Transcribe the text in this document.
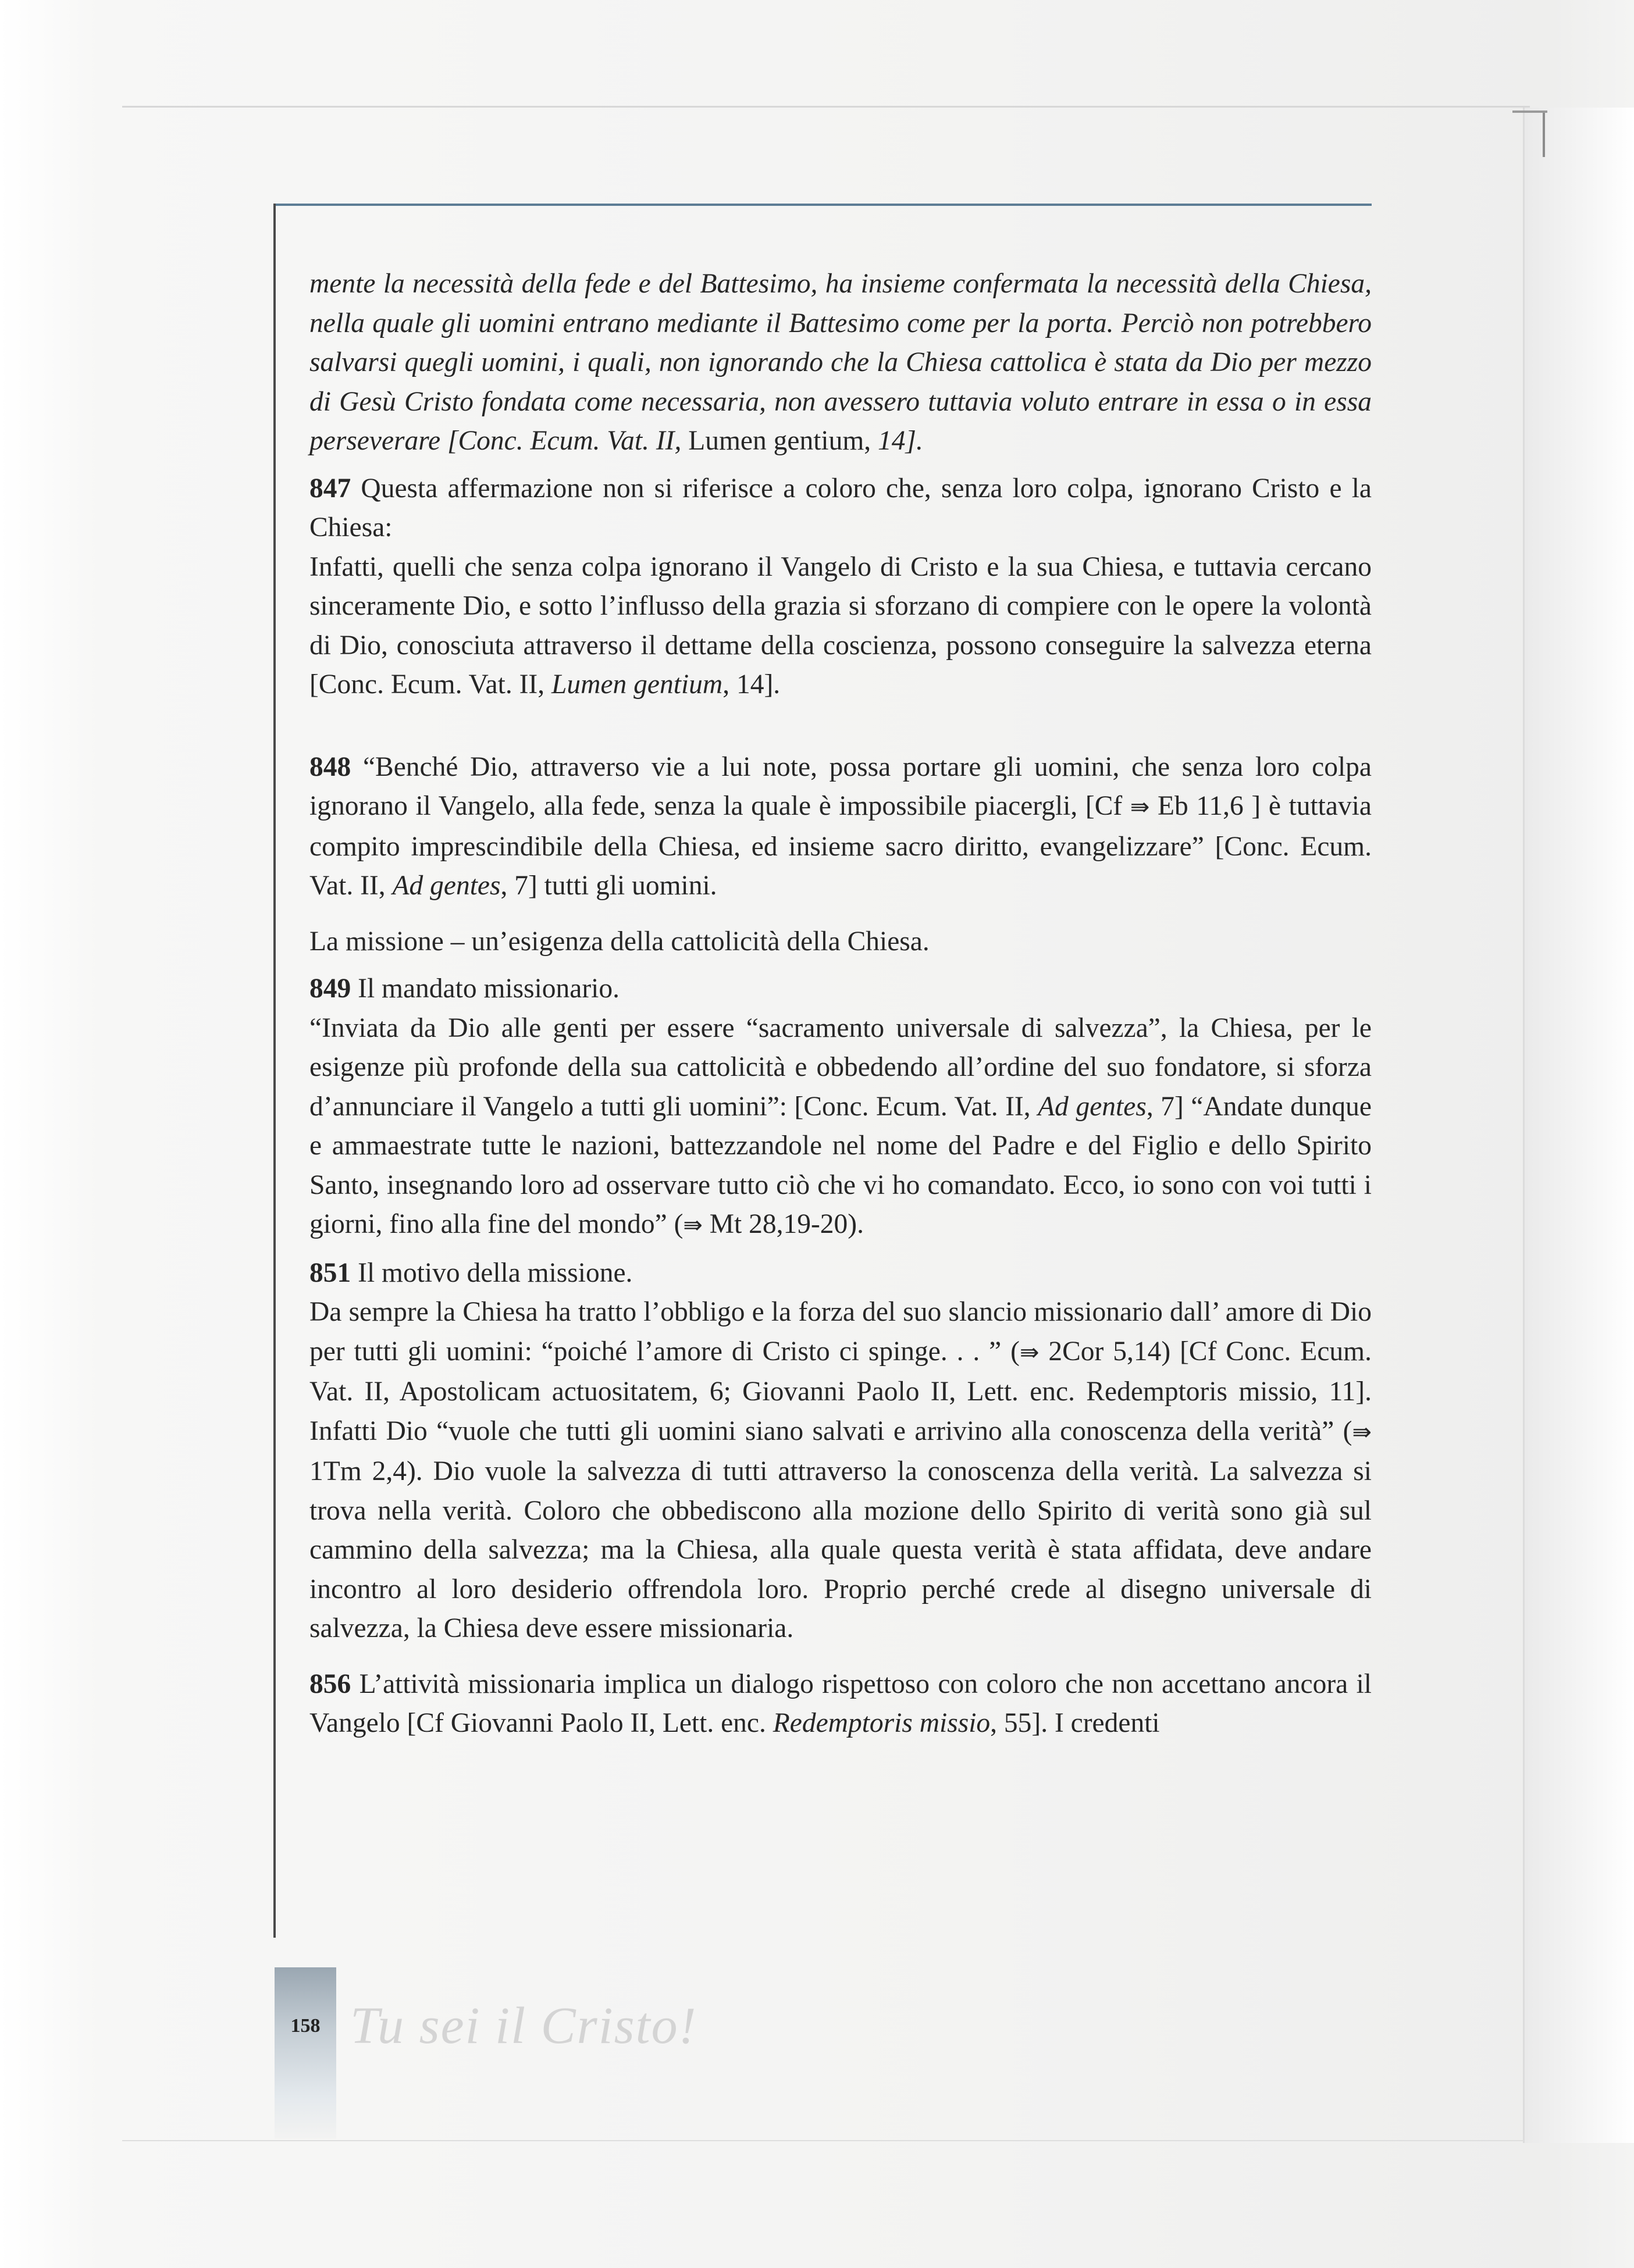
mente la necessità della fede e del Battesimo, ha insieme confermata la necessità della Chiesa, nella quale gli uomini entrano mediante il Battesimo come per la porta. Perciò non potrebbero salvarsi quegli uomini, i quali, non ignorando che la Chiesa cattolica è stata da Dio per mezzo di Gesù Cristo fondata come necessaria, non avessero tuttavia voluto entrare in essa o in essa perseverare [Conc. Ecum. Vat. II, Lumen gentium, 14].

847 Questa affermazione non si riferisce a coloro che, senza loro colpa, ignorano Cristo e la Chiesa:

Infatti, quelli che senza colpa ignorano il Vangelo di Cristo e la sua Chiesa, e tuttavia cercano sinceramente Dio, e sotto l’influsso della grazia si sforzano di compiere con le opere la volontà di Dio, conosciuta attraverso il dettame della coscienza, possono conseguire la salvezza eterna [Conc. Ecum. Vat. II, Lumen gentium, 14].

848 “Benché Dio, attraverso vie a lui note, possa portare gli uomini, che senza loro colpa ignorano il Vangelo, alla fede, senza la quale è impossibile piacergli, [Cf ⇛ Eb 11,6 ] è tuttavia compito imprescindibile della Chiesa, ed insieme sacro diritto, evangelizzare” [Conc. Ecum. Vat. II, Ad gentes, 7] tutti gli uomini.

La missione – un’esigenza della cattolicità della Chiesa.

849 Il mandato missionario.

“Inviata da Dio alle genti per essere “sacramento universale di salvezza”, la Chiesa, per le esigenze più profonde della sua cattolicità e obbedendo all’ordine del suo fondatore, si sforza d’annunciare il Vangelo a tutti gli uomini”: [Conc. Ecum. Vat. II, Ad gentes, 7] “Andate dunque e ammaestrate tutte le nazioni, battezzandole nel nome del Padre e del Figlio e dello Spirito Santo, insegnando loro ad osservare tutto ciò che vi ho comandato. Ecco, io sono con voi tutti i giorni, fino alla fine del mondo” (⇛ Mt 28,19-20).

851 Il motivo della missione.

Da sempre la Chiesa ha tratto l’obbligo e la forza del suo slancio missionario dall’ amore di Dio per tutti gli uomini: “poiché l’amore di Cristo ci spinge. . . ” (⇛ 2Cor 5,14) [Cf Conc. Ecum. Vat. II, Apostolicam actuositatem, 6; Giovanni Paolo II, Lett. enc. Redemptoris missio, 11]. Infatti Dio “vuole che tutti gli uomini siano salvati e arrivino alla conoscenza della verità” (⇛ 1Tm 2,4). Dio vuole la salvezza di tutti attraverso la conoscenza della verità. La salvezza si trova nella verità. Coloro che obbediscono alla mozione dello Spirito di verità sono già sul cammino della salvezza; ma la Chiesa, alla quale questa verità è stata affidata, deve andare incontro al loro desiderio offrendola loro. Proprio perché crede al disegno universale di salvezza, la Chiesa deve essere missionaria.

856 L’attività missionaria implica un dialogo rispettoso con coloro che non accettano ancora il Vangelo [Cf Giovanni Paolo II, Lett. enc. Redemptoris missio, 55]. I credenti

158 Tu sei il Cristo!
